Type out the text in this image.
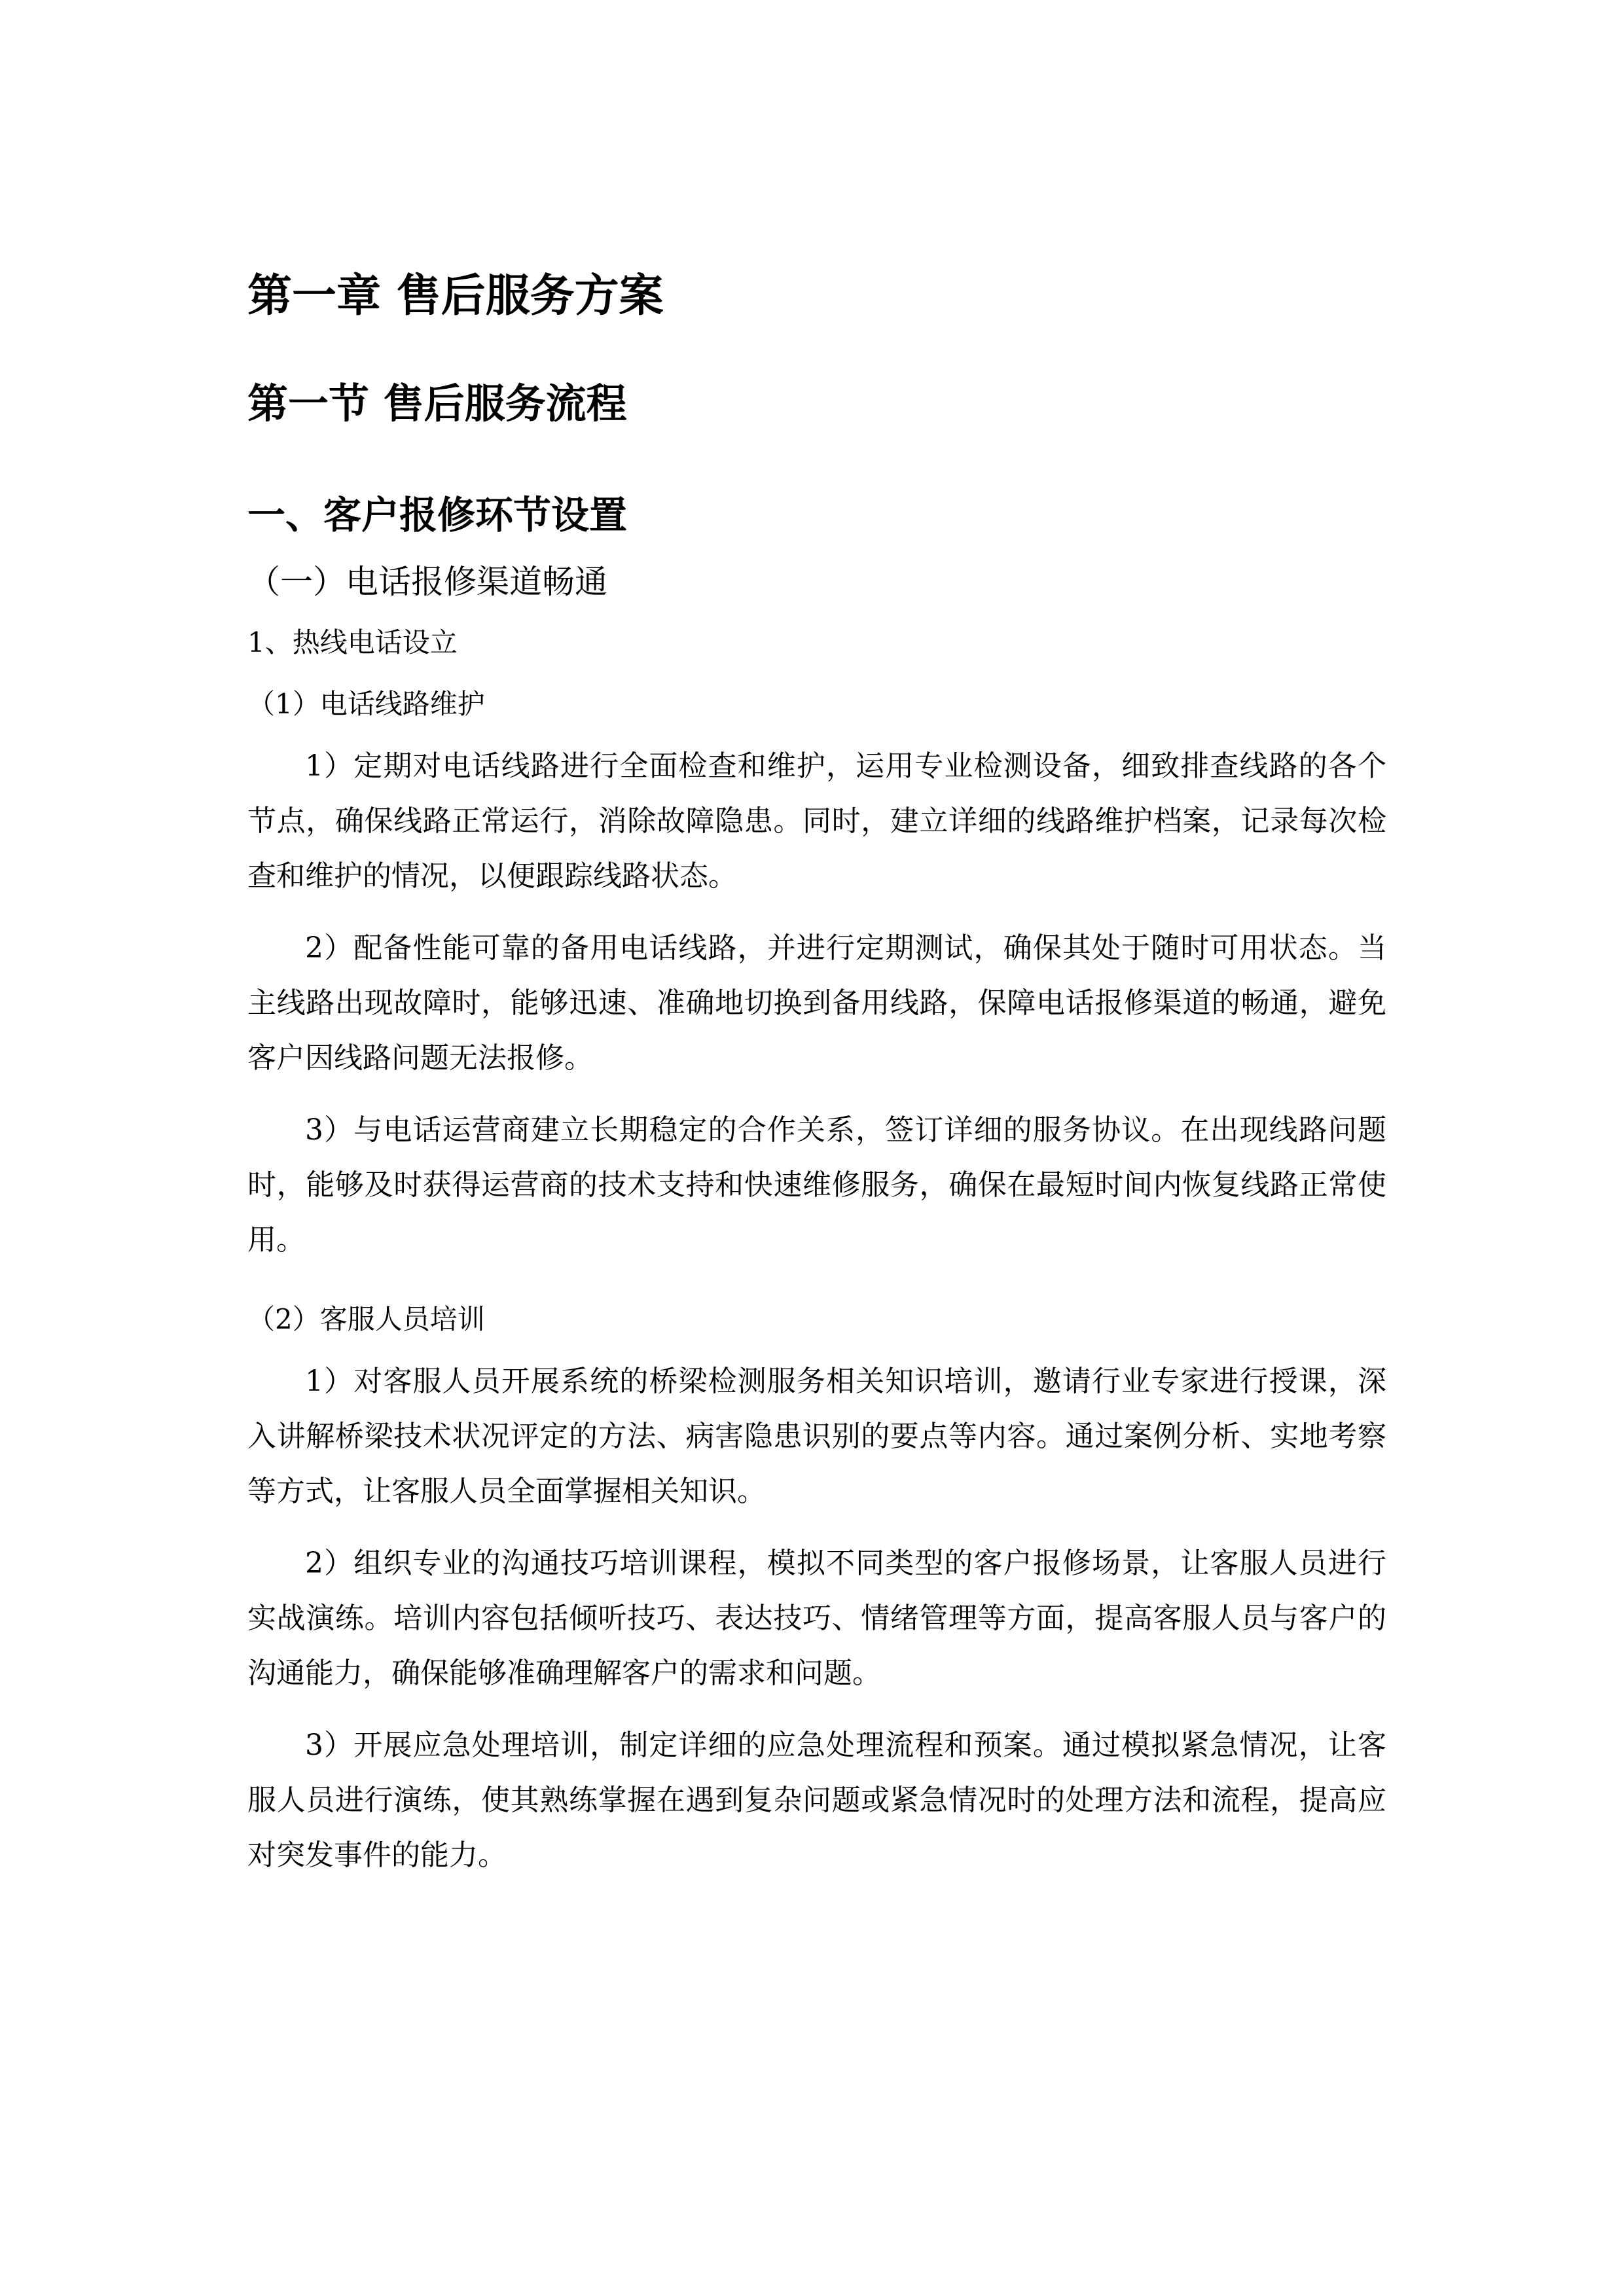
第一章 售后服务方案
第一节 售后服务流程
一、客户报修环节设置
（一）电话报修渠道畅通
1、热线电话设立
（1）电话线路维护

1）定期对电话线路进行全面检查和维护，运用专业检测设备，细致排查线路的各个节点，确保线路正常运行，消除故障隐患。同时，建立详细的线路维护档案，记录每次检查和维护的情况，以便跟踪线路状态。

2）配备性能可靠的备用电话线路，并进行定期测试，确保其处于随时可用状态。当主线路出现故障时，能够迅速、准确地切换到备用线路，保障电话报修渠道的畅通，避免客户因线路问题无法报修。

3）与电话运营商建立长期稳定的合作关系，签订详细的服务协议。在出现线路问题时，能够及时获得运营商的技术支持和快速维修服务，确保在最短时间内恢复线路正常使用。

（2）客服人员培训

1）对客服人员开展系统的桥梁检测服务相关知识培训，邀请行业专家进行授课，深入讲解桥梁技术状况评定的方法、病害隐患识别的要点等内容。通过案例分析、实地考察等方式，让客服人员全面掌握相关知识。

2）组织专业的沟通技巧培训课程，模拟不同类型的客户报修场景，让客服人员进行实战演练。培训内容包括倾听技巧、表达技巧、情绪管理等方面，提高客服人员与客户的沟通能力，确保能够准确理解客户的需求和问题。

3）开展应急处理培训，制定详细的应急处理流程和预案。通过模拟紧急情况，让客服人员进行演练，使其熟练掌握在遇到复杂问题或紧急情况时的处理方法和流程，提高应对突发事件的能力。
